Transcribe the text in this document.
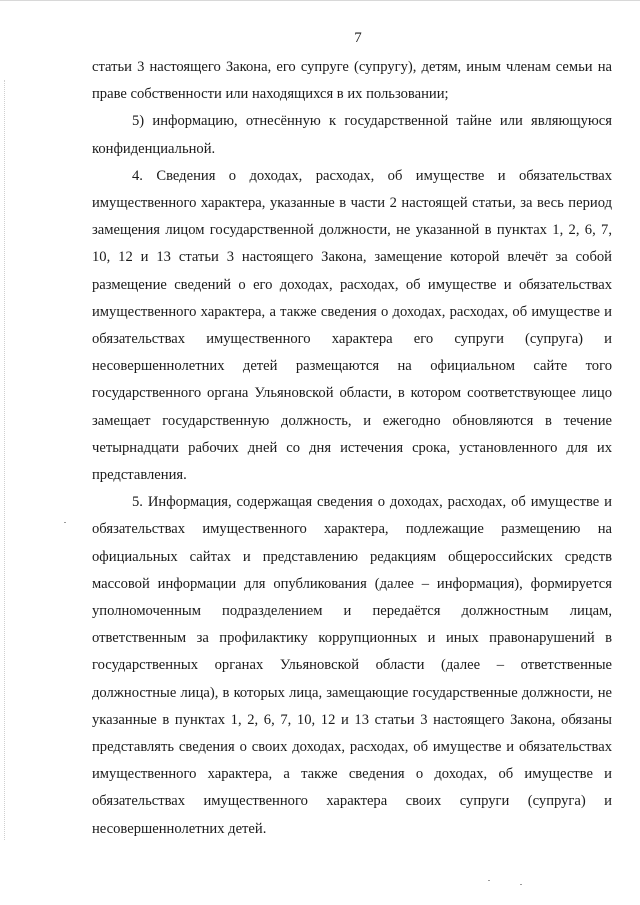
7

статьи 3 настоящего Закона, его супруге (супругу), детям, иным членам семьи на праве собственности или находящихся в их пользовании;

5) информацию, отнесённую к государственной тайне или являющуюся конфиденциальной.

4. Сведения о доходах, расходах, об имуществе и обязательствах имущественного характера, указанные в части 2 настоящей статьи, за весь период замещения лицом государственной должности, не указанной в пунктах 1, 2, 6, 7, 10, 12 и 13 статьи 3 настоящего Закона, замещение которой влечёт за собой размещение сведений о его доходах, расходах, об имуществе и обязательствах имущественного характера, а также сведения о доходах, расходах, об имуществе и обязательствах имущественного характера его супруги (супруга) и несовершеннолетних детей размещаются на официальном сайте того государственного органа Ульяновской области, в котором соответствующее лицо замещает государственную должность, и ежегодно обновляются в течение четырнадцати рабочих дней со дня истечения срока, установленного для их представления.

5. Информация, содержащая сведения о доходах, расходах, об имуществе и обязательствах имущественного характера, подлежащие размещению на официальных сайтах и представлению редакциям общероссийских средств массовой информации для опубликования (далее – информация), формируется уполномоченным подразделением и передаётся должностным лицам, ответственным за профилактику коррупционных и иных правонарушений в государственных органах Ульяновской области (далее – ответственные должностные лица), в которых лица, замещающие государственные должности, не указанные в пунктах 1, 2, 6, 7, 10, 12 и 13 статьи 3 настоящего Закона, обязаны представлять сведения о своих доходах, расходах, об имуществе и обязательствах имущественного характера, а также сведения о доходах, об имуществе и обязательствах имущественного характера своих супруги (супруга) и несовершеннолетних детей.
